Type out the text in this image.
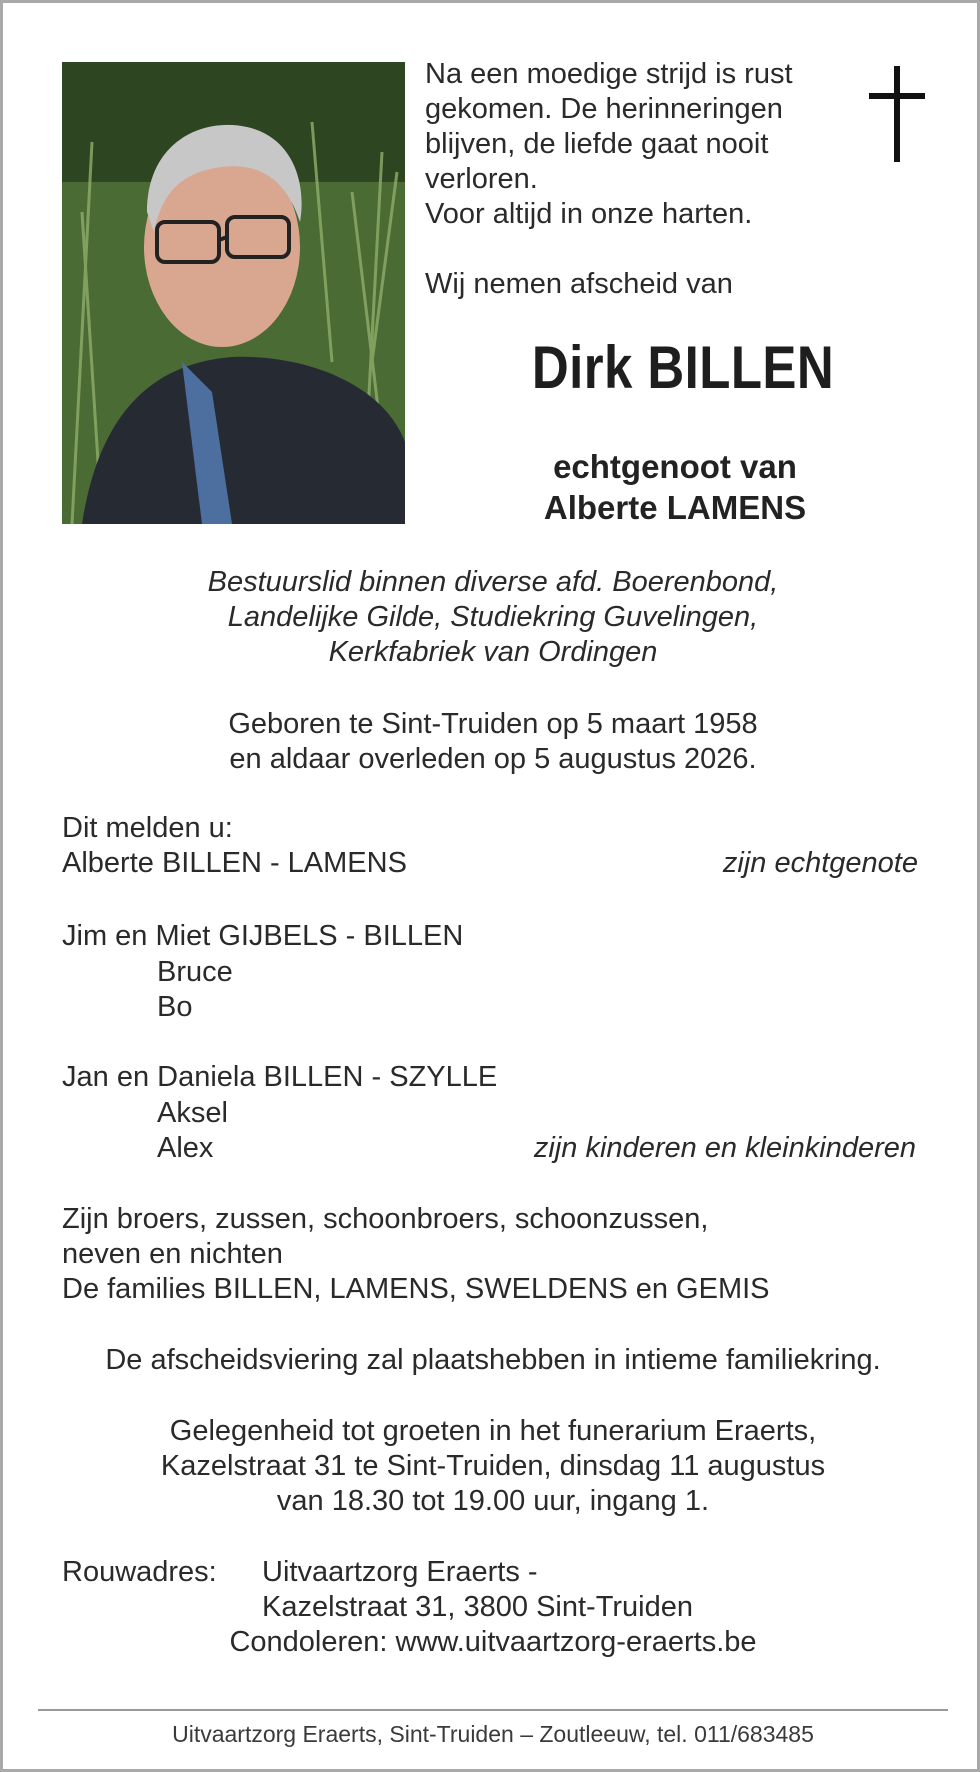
Na een moedige strijd is rust
gekomen. De herinneringen
blijven, de liefde gaat nooit
verloren.
Voor altijd in onze harten.

Wij nemen afscheid van
Dirk BILLEN
echtgenoot van
Alberte LAMENS
Bestuurslid binnen diverse afd. Boerenbond,
Landelijke Gilde, Studiekring Guvelingen,
Kerkfabriek van Ordingen
Geboren te Sint-Truiden op 5 maart 1958
en aldaar overleden op 5 augustus 2026.
Dit melden u:
Alberte BILLEN - LAMENS	zijn echtgenote
Jim en Miet GIJBELS - BILLEN
Bruce
Bo
Jan en Daniela BILLEN - SZYLLE
Aksel
Alex	zijn kinderen en kleinkinderen
Zijn broers, zussen, schoonbroers, schoonzussen,
neven en nichten
De families BILLEN, LAMENS, SWELDENS en GEMIS
De afscheidsviering zal plaatshebben in intieme familiekring.
Gelegenheid tot groeten in het funerarium Eraerts,
Kazelstraat 31 te Sint-Truiden, dinsdag 11 augustus
van 18.30 tot 19.00 uur, ingang 1.
Rouwadres: Uitvaartzorg Eraerts -
Kazelstraat 31, 3800 Sint-Truiden
Condoleren: www.uitvaartzorg-eraerts.be
Uitvaartzorg Eraerts, Sint-Truiden – Zoutleeuw, tel. 011/683485
